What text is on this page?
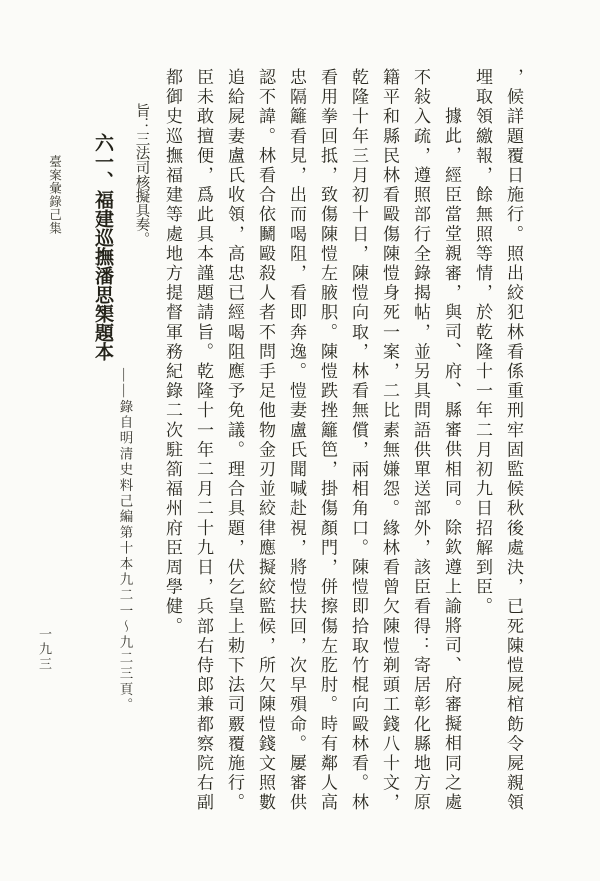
，候詳題覆日施行。照出絞犯林看係重刑牢固監候秋後處決，已死陳愷屍棺飭令屍親領
埋取領繳報，餘無照等情，於乾隆十一年二月初九日招解到臣。
據此，經臣當堂親審，與司、府、縣審供相同。除欽遵上諭將司、府審擬相同之處
不敍入疏，遵照部行全錄揭帖，並另具問語供單送部外，該臣看得：寄居彰化縣地方原
籍平和縣民林看毆傷陳愷身死一案，二比素無嫌怨。緣林看曾欠陳愷剃頭工錢八十文，
乾隆十年三月初十日，陳愷向取，林看無償，兩相角口。陳愷即拾取竹棍向毆林看。林
看用拳回抵，致傷陳愷左腋胑。陳愷跌挫籬笆，掛傷顏門，併擦傷左肐肘。時有鄰人高
忠隔籬看見，出而喝阻，看即奔逸。愷妻盧氏聞喊赴視，將愷扶回，次早殞命。屢審供
認不諱。林看合依鬭毆殺人者不問手足他物金刃並絞律應擬絞監候，所欠陳愷錢文照數
追給屍妻盧氏收領，高忠已經喝阻應予免議。理合具題，伏乞皇上勅下法司覈覆施行。
臣未敢擅便，爲此具本謹題請旨。乾隆十一年二月二十九日，兵部右侍郎兼都察院右副
都御史巡撫福建等處地方提督軍務紀錄二次駐箚福州府臣周學健。
旨：三法司核擬具奏。
——錄自明清史料己編第十本九二一～九二三頁。
六一、福建巡撫潘思榘題本
臺案彙錄己集
一九三
